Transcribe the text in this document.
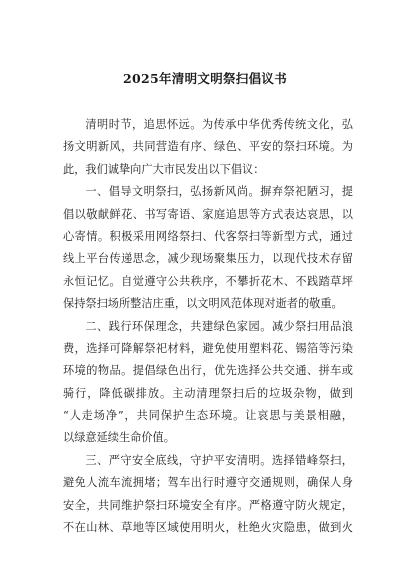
2025年清明文明祭扫倡议书
清明时节，追思怀远。为传承中华优秀传统文化，弘
扬文明新风，共同营造有序、绿色、平安的祭扫环境。为
此，我们诚挚向广大市民发出以下倡议：
一、倡导文明祭扫，弘扬新风尚。摒弃祭祀陋习，提
倡以敬献鲜花、书写寄语、家庭追思等方式表达哀思，以
心寄情。积极采用网络祭扫、代客祭扫等新型方式，通过
线上平台传递思念，减少现场聚集压力，以现代技术存留
永恒记忆。自觉遵守公共秩序，不攀折花木、不践踏草坪
保持祭扫场所整洁庄重，以文明风范体现对逝者的敬重。
二、践行环保理念，共建绿色家园。减少祭扫用品浪
费，选择可降解祭祀材料，避免使用塑料花、锡箔等污染
环境的物品。提倡绿色出行，优先选择公共交通、拼车或
骑行，降低碳排放。主动清理祭扫后的垃圾杂物，做到
“人走场净”，共同保护生态环境。让哀思与美景相融，
以绿意延续生命价值。
三、严守安全底线，守护平安清明。选择错峰祭扫，
避免人流车流拥堵；驾车出行时遵守交通规则，确保人身
安全，共同维护祭扫环境安全有序。严格遵守防火规定，
不在山林、草地等区域使用明火，杜绝火灾隐患，做到火
